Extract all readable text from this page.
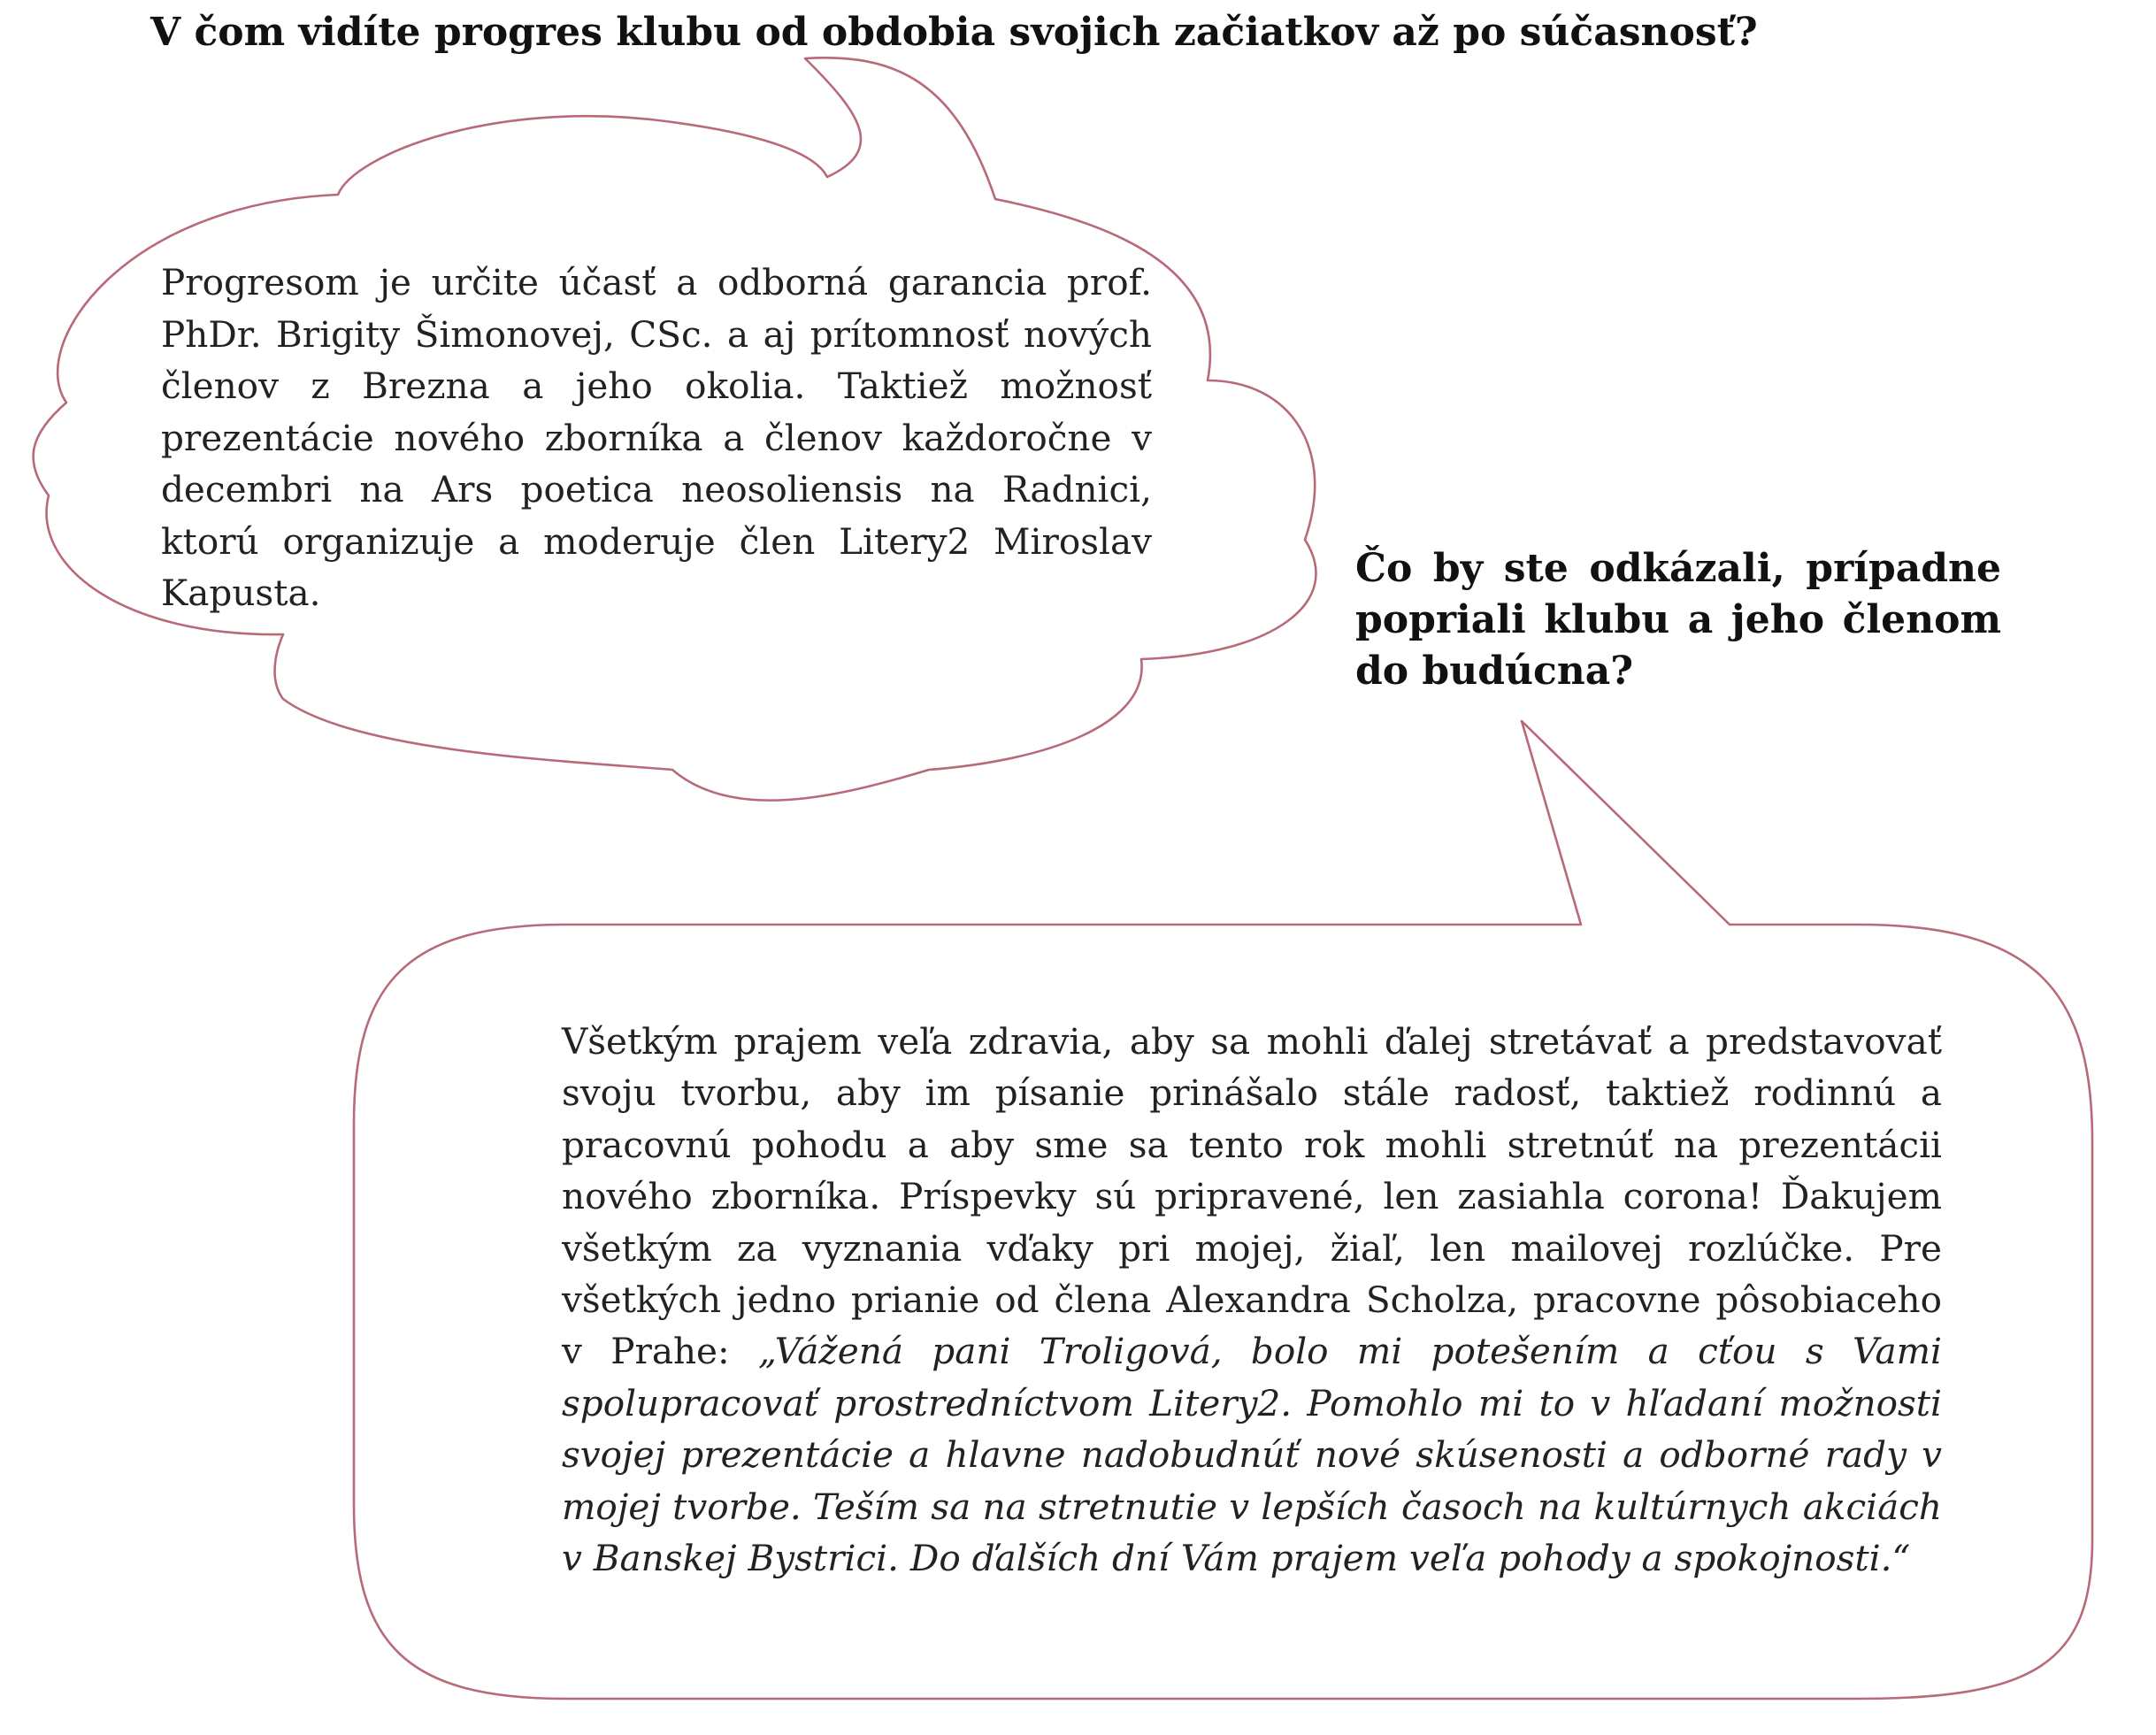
V čom vidíte progres klubu od obdobia svojich začiatkov až po súčasnosť?
Progresom je určite účasť a odborná garancia prof. PhDr. Brigity Šimonovej, CSc. a aj prítomnosť nových členov z Brezna a jeho okolia. Taktiež možnosť prezentácie nového zborníka a členov každoročne v decembri na Ars poetica neosoliensis na Radnici, ktorú organizuje a moderuje člen Litery2 Miroslav Kapusta.
Čo by ste odkázali, prípadne popriali klubu a jeho členom do budúcna?
Všetkým prajem veľa zdravia, aby sa mohli ďalej stretávať a predstavovať svoju tvorbu, aby im písanie prinášalo stále radosť, taktiež rodinnú a pracovnú pohodu a aby sme sa tento rok mohli stretnúť na prezentácii nového zborníka. Príspevky sú pripravené, len zasiahla corona! Ďakujem všetkým za vyznania vďaky pri mojej, žiaľ, len mailovej rozlúčke. Pre všetkých jedno prianie od člena Alexandra Scholza, pracovne pôsobiaceho v Prahe: „Vážená pani Troligová, bolo mi potešením a cťou s Vami spolupracovať prostredníctvom Litery2. Pomohlo mi to v hľadaní možnosti svojej prezentácie a hlavne nadobudnúť nové skúsenosti a odborné rady v mojej tvorbe. Teším sa na stretnutie v lepších časoch na kultúrnych akciách v Banskej Bystrici. Do ďalších dní Vám prajem veľa pohody a spokojnosti.“
